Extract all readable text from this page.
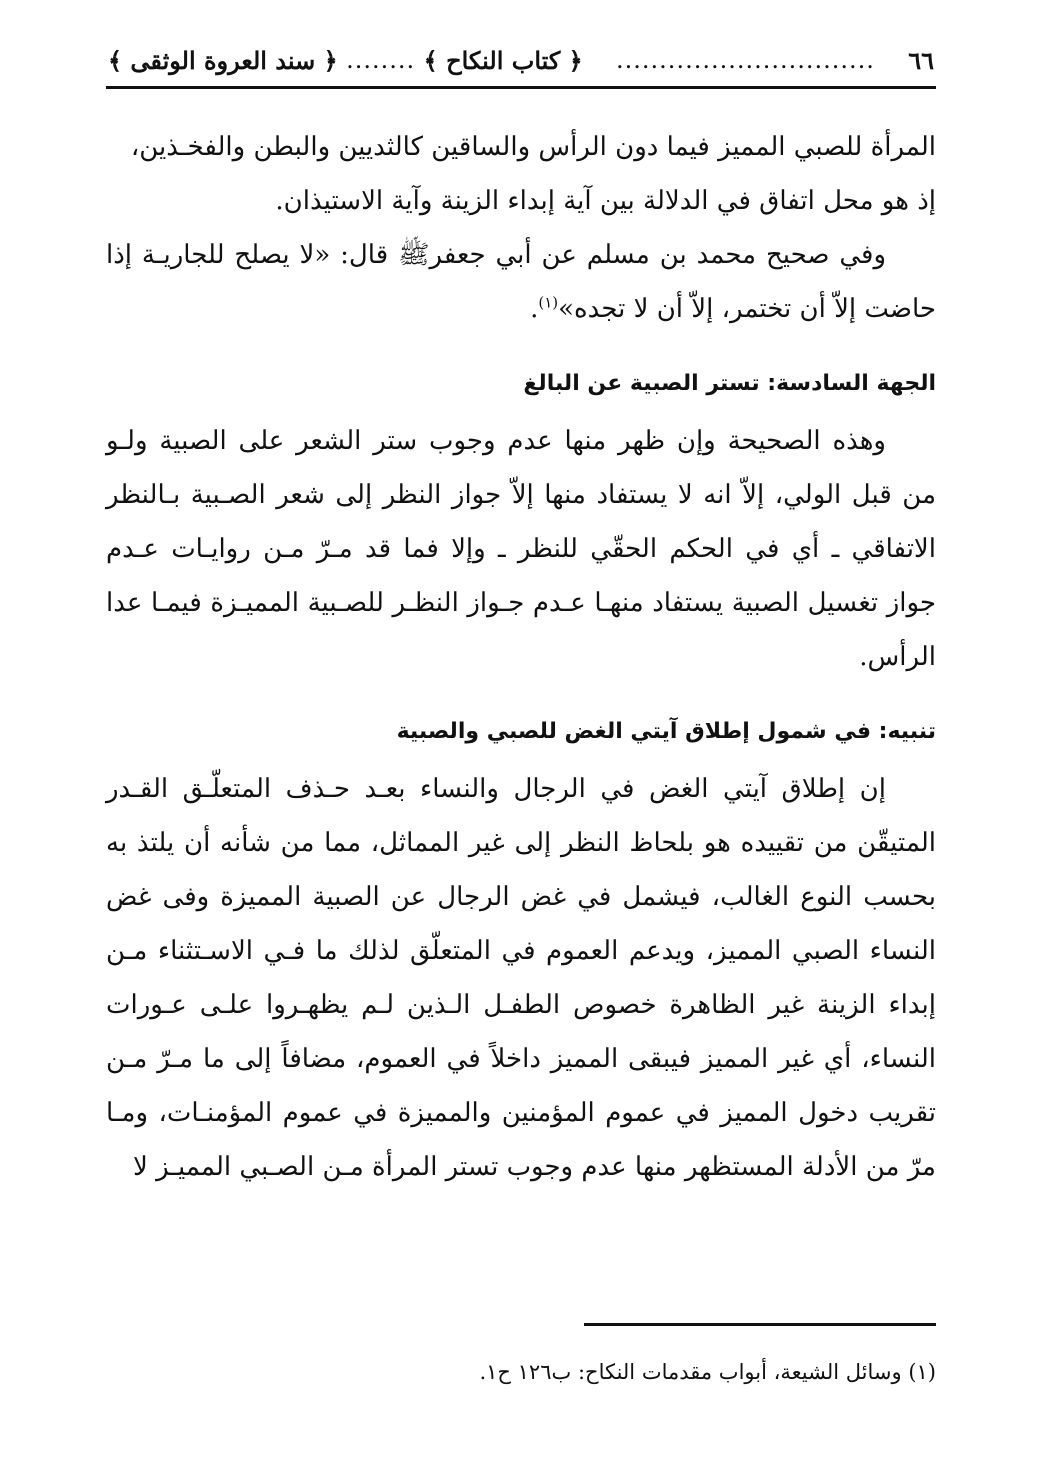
٦٦
..............................
﴿ كتاب النكاح ﴾
........
﴿ سند العروة الوثقى ﴾

المرأة للصبي المميز فيما دون الرأس والساقين كالثديين والبطن والفخـذين،

إذ هو محل اتفاق في الدلالة بين آية إبداء الزينة وآية الاستيذان.

وفي صحيح محمد بن مسلم عن أبي جعفرﷺ قال: «لا يصلح للجاريـة إذا حاضت إلاّ أن تختمر، إلاّ أن لا تجده»$^{(١)}$.

الجهة السادسة: تستر الصبية عن البالغ

وهذه الصحيحة وإن ظهر منها عدم وجوب ستر الشعر على الصبية ولـو من قبل الولي، إلاّ انه لا يستفاد منها إلاّ جواز النظر إلى شعر الصـبية بـالنظر الاتفاقي ـ أي في الحكم الحقّي للنظر ـ وإلا فما قد مـرّ مـن روايـات عـدم جواز تغسيل الصبية يستفاد منهـا عـدم جـواز النظـر للصـبية المميـزة فيمـا عدا الرأس.

تنبيه: في شمول إطلاق آيتي الغض للصبي والصبية

إن إطلاق آيتي الغض في الرجال والنساء بعـد حـذف المتعلّـق القـدر المتيقّن من تقييده هو بلحاظ النظر إلى غير المماثل، مما من شأنه أن يلتذ به بحسب النوع الغالب، فيشمل في غض الرجال عن الصبية المميزة وفى غض النساء الصبي المميز، ويدعم العموم في المتعلّق لذلك ما فـي الاسـتثناء مـن إبداء الزينة غير الظاهرة خصوص الطفـل الـذين لـم يظهـروا علـى عـورات النساء، أي غير المميز فيبقى المميز داخلاً في العموم، مضافاً إلى ما مـرّ مـن تقريب دخول المميز في عموم المؤمنين والمميزة في عموم المؤمنـات، ومـا مرّ من الأدلة المستظهر منها عدم وجوب تستر المرأة مـن الصـبي المميـز لا

(١) وسائل الشيعة، أبواب مقدمات النكاح: ب١٢٦ ح١.
